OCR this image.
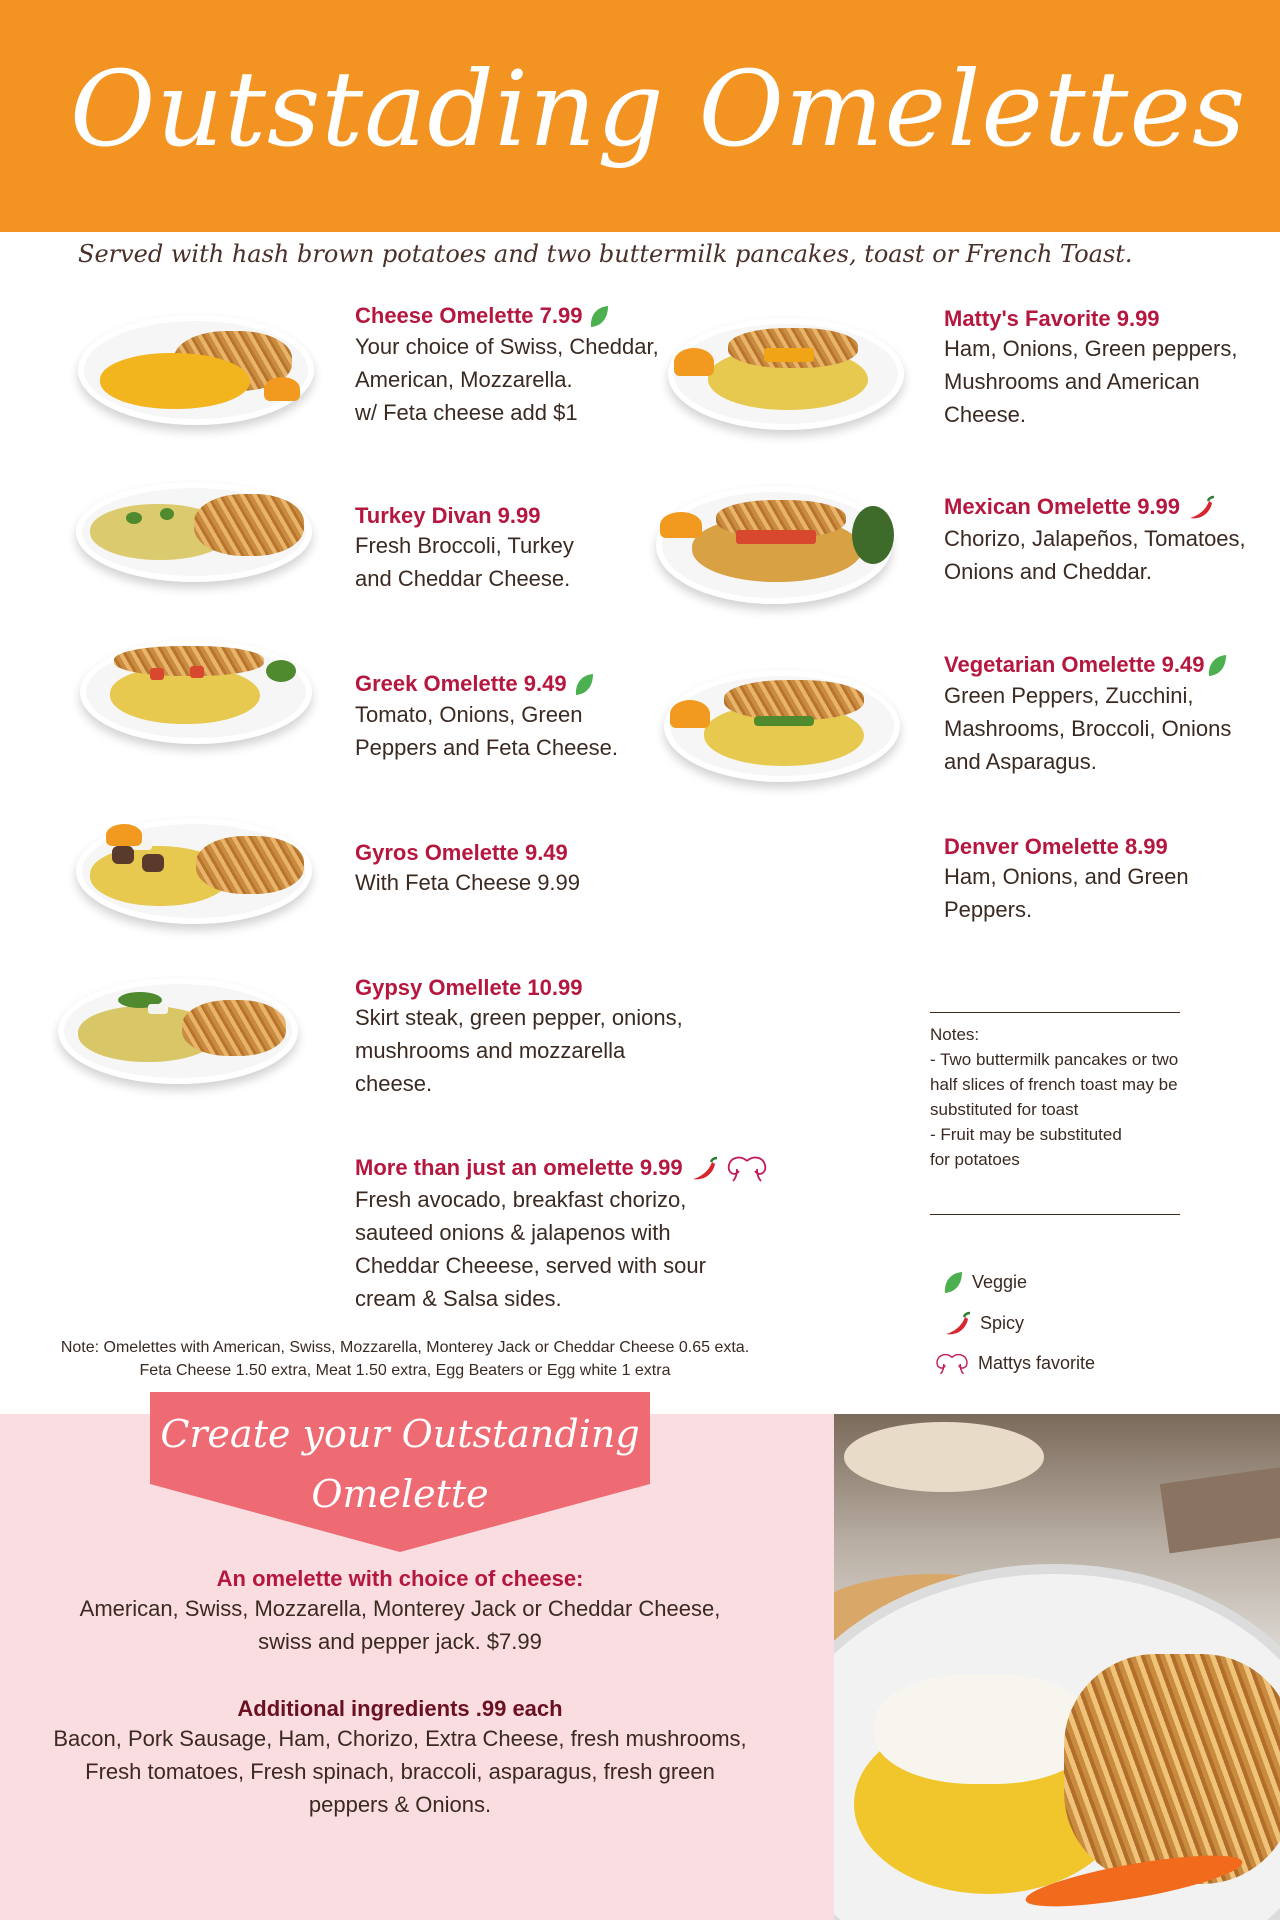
Outstading Omelettes
Served with hash brown potatoes and two buttermilk pancakes, toast or French Toast.
Cheese Omelette 7.99
Your choice of Swiss, Cheddar,
American, Mozzarella.
w/ Feta cheese add $1
Turkey Divan 9.99
Fresh Broccoli, Turkey
and Cheddar Cheese.
Greek Omelette 9.49
Tomato, Onions, Green
Peppers and Feta Cheese.
Gyros Omelette 9.49
With Feta Cheese 9.99
Gypsy Omellete 10.99
Skirt steak, green pepper, onions,
mushrooms and mozzarella
cheese.
More than just an omelette 9.99
Fresh avocado, breakfast chorizo,
sauteed onions & jalapenos with
Cheddar Cheeese, served with sour
cream & Salsa sides.
Matty's Favorite 9.99
Ham, Onions, Green peppers,
Mushrooms and American
Cheese.
Mexican Omelette 9.99
Chorizo, Jalapeños, Tomatoes,
Onions and Cheddar.
Vegetarian Omelette 9.49
Green Peppers, Zucchini,
Mashrooms, Broccoli, Onions
and Asparagus.
Denver Omelette 8.99
Ham, Onions, and Green
Peppers.
Notes:
- Two buttermilk pancakes or two
half slices of french toast may be
substituted for toast
- Fruit may be substituted
for potatoes
Veggie
Spicy
Mattys favorite
Note: Omelettes with American, Swiss, Mozzarella, Monterey Jack or Cheddar Cheese 0.65 exta.
Feta Cheese 1.50 extra, Meat 1.50 extra, Egg Beaters or Egg white 1 extra
Create your Outstanding
Omelette
An omelette with choice of cheese:
American, Swiss, Mozzarella, Monterey Jack or Cheddar Cheese,
swiss and pepper jack. $7.99
Additional ingredients .99 each
Bacon, Pork Sausage, Ham, Chorizo, Extra Cheese, fresh mushrooms,
Fresh tomatoes, Fresh spinach, braccoli, asparagus, fresh green
peppers & Onions.
